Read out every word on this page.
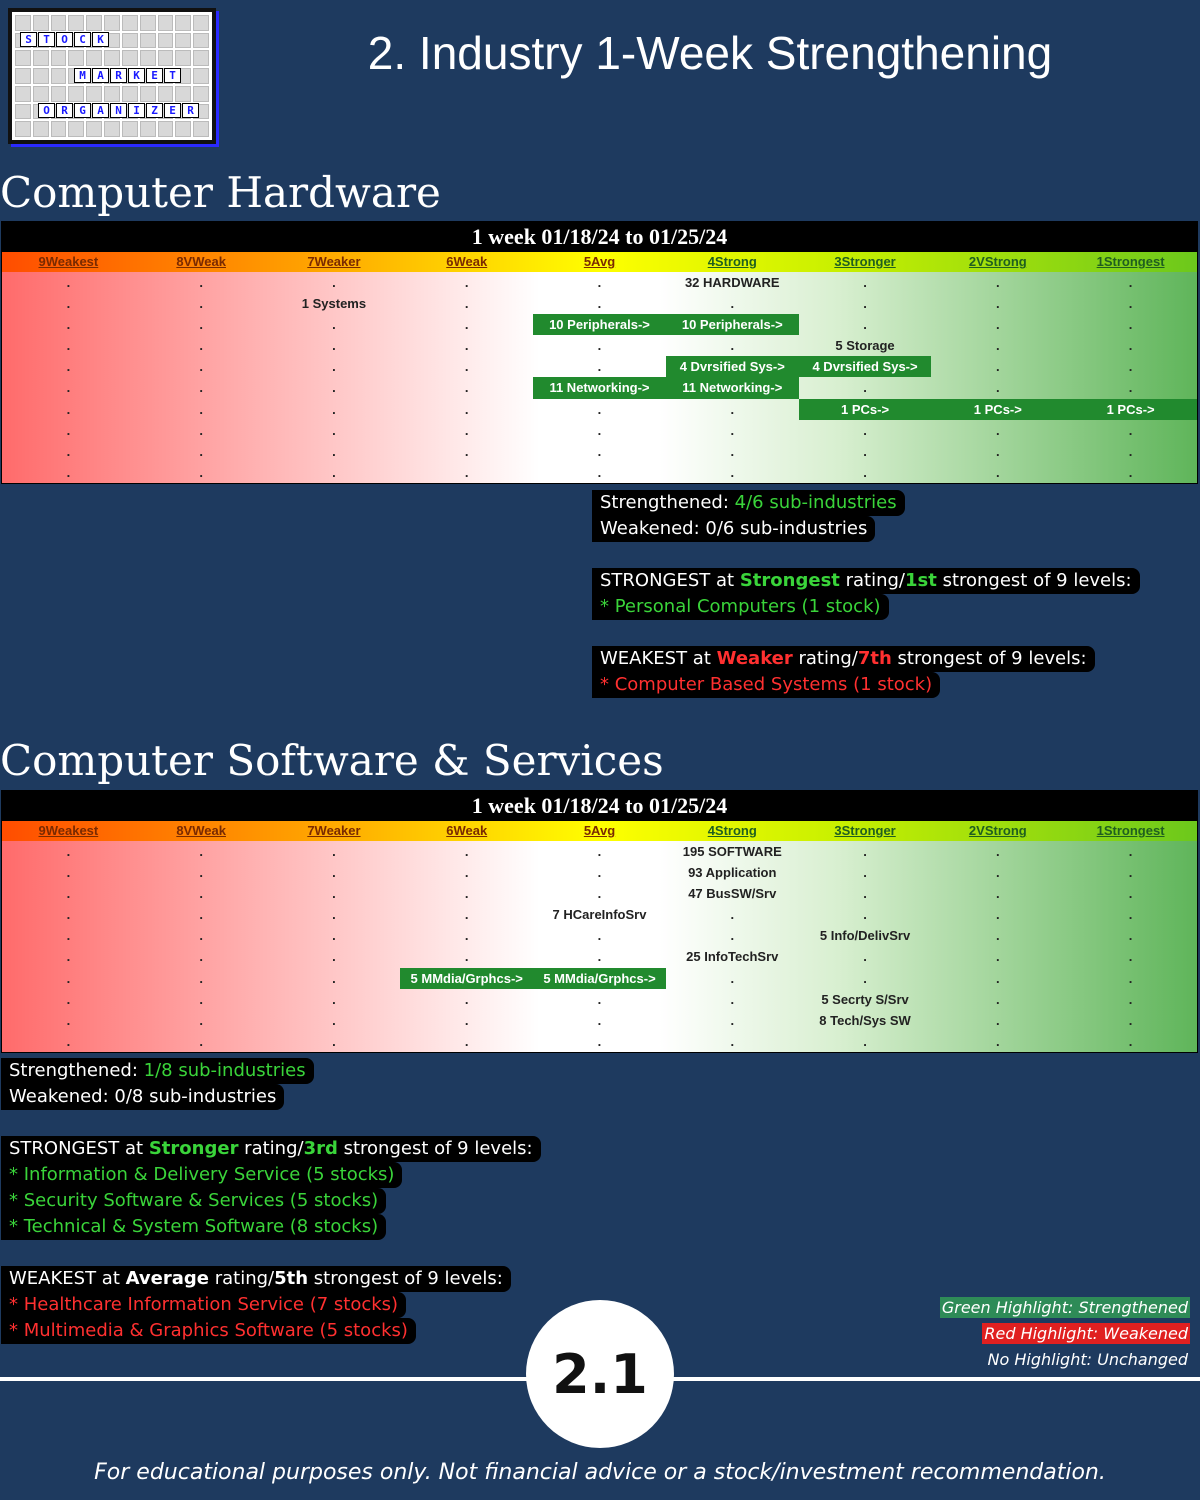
S	T	O	C	K
M	A	R	K	E	T
O	R	G	A	N	I	Z	E	R
2. Industry 1-Week Strengthening
Computer Hardware
1 week 01/18/24 to 01/25/24
9Weakest	8VWeak	7Weaker	6Weak	5Avg	4Strong	3Stronger	2VStrong	1Strongest
.	.	.	.	.	32 HARDWARE	.	.	.
.	.	1 Systems	.	.	.	.	.	.
.	.	.	.	10 Peripherals->	10 Peripherals->	.	.	.
.	.	.	.	.	.	5 Storage	.	.
.	.	.	.	.	4 Dvrsified Sys->	4 Dvrsified Sys->	.	.
.	.	.	.	11 Networking->	11 Networking->	.	.	.
.	.	.	.	.	.	1 PCs->	1 PCs->	1 PCs->
.	.	.	.	.	.	.	.	.
.	.	.	.	.	.	.	.	.
.	.	.	.	.	.	.	.	.
Strengthened: 4/6 sub-industries
Weakened: 0/6 sub-industries
STRONGEST at Strongest rating/1st strongest of 9 levels:
* Personal Computers (1 stock)
WEAKEST at Weaker rating/7th strongest of 9 levels:
* Computer Based Systems (1 stock)
Computer Software & Services
1 week 01/18/24 to 01/25/24
9Weakest	8VWeak	7Weaker	6Weak	5Avg	4Strong	3Stronger	2VStrong	1Strongest
.	.	.	.	.	195 SOFTWARE	.	.	.
.	.	.	.	.	93 Application	.	.	.
.	.	.	.	.	47 BusSW/Srv	.	.	.
.	.	.	.	7 HCareInfoSrv	.	.	.	.
.	.	.	.	.	.	5 Info/DelivSrv	.	.
.	.	.	.	.	25 InfoTechSrv	.	.	.
.	.	.	5 MMdia/Grphcs->	5 MMdia/Grphcs->	.	.	.	.
.	.	.	.	.	.	5 Secrty S/Srv	.	.
.	.	.	.	.	.	8 Tech/Sys SW	.	.
.	.	.	.	.	.	.	.	.
Strengthened: 1/8 sub-industries
Weakened: 0/8 sub-industries
STRONGEST at Stronger rating/3rd strongest of 9 levels:
* Information & Delivery Service (5 stocks)
* Security Software & Services (5 stocks)
* Technical & System Software (8 stocks)
WEAKEST at Average rating/5th strongest of 9 levels:
* Healthcare Information Service (7 stocks)
* Multimedia & Graphics Software (5 stocks)
Green Highlight: Strengthened
Red Highlight: Weakened
No Highlight: Unchanged
2.1
For educational purposes only. Not financial advice or a stock/investment recommendation.
